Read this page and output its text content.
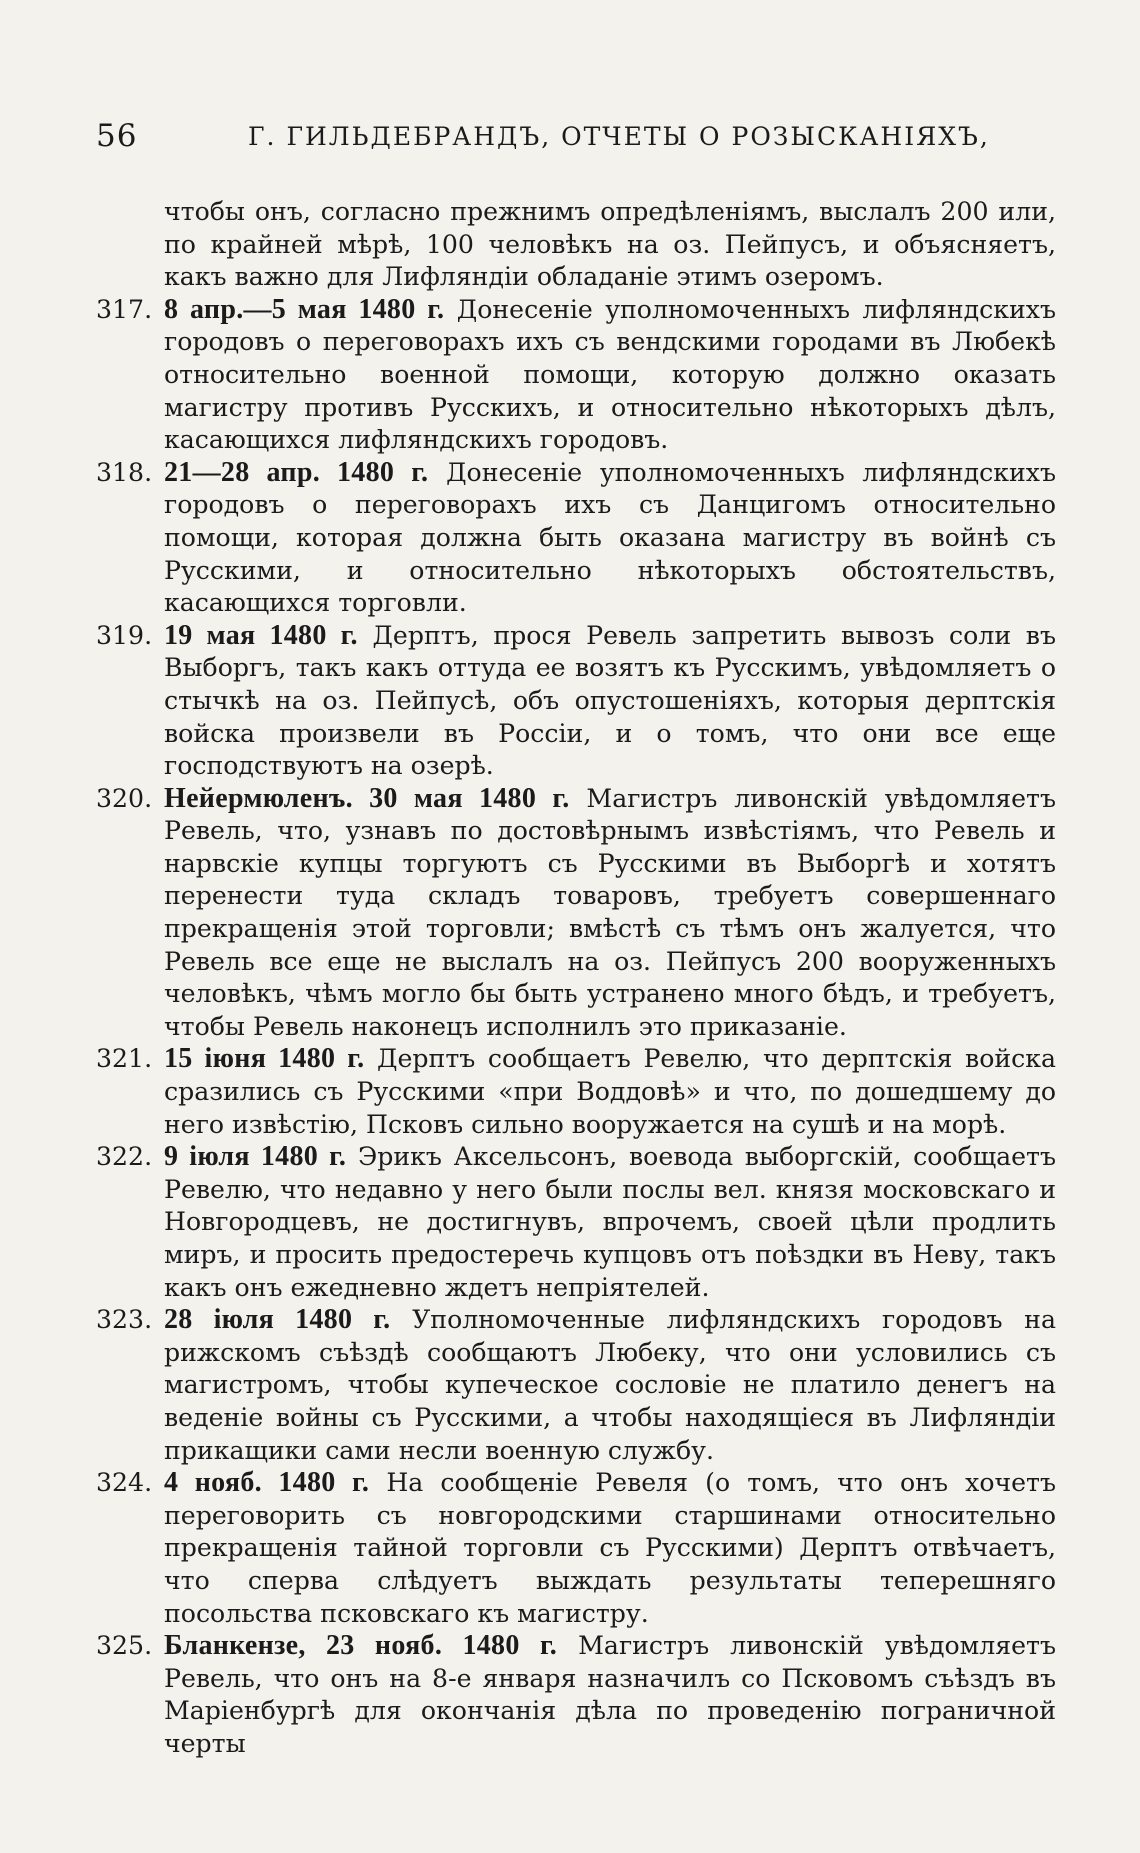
56	Г. ГИЛЬДЕБРАНДЪ, ОТЧЕТЫ О РОЗЫСКАНІЯХЪ,

чтобы онъ, согласно прежнимъ опредѣленіямъ, выслалъ 200 или, по крайней мѣрѣ, 100 человѣкъ на оз. Пейпусъ, и объясняетъ, какъ важно для Лифляндіи обладаніе этимъ озеромъ.

317. 8 апр.—5 мая 1480 г. Донесеніе уполномоченныхъ лифляндскихъ городовъ о переговорахъ ихъ съ вендскими городами въ Любекѣ относительно военной помощи, которую должно оказать магистру противъ Русскихъ, и относительно нѣкоторыхъ дѣлъ, касающихся лифляндскихъ городовъ.

318. 21—28 апр. 1480 г. Донесеніе уполномоченныхъ лифляндскихъ городовъ о переговорахъ ихъ съ Данцигомъ относительно помощи, которая должна быть оказана магистру въ войнѣ съ Русскими, и относительно нѣкоторыхъ обстоятельствъ, касающихся торговли.

319. 19 мая 1480 г. Дерптъ, прося Ревель запретить вывозъ соли въ Выборгъ, такъ какъ оттуда ее возятъ къ Русскимъ, увѣдомляетъ о стычкѣ на оз. Пейпусѣ, объ опустошеніяхъ, которыя дерптскія войска произвели въ Россіи, и о томъ, что они все еще господствуютъ на озерѣ.

320. Нейермюленъ. 30 мая 1480 г. Магистръ ливонскій увѣдомляетъ Ревель, что, узнавъ по достовѣрнымъ извѣстіямъ, что Ревель и нарвскіе купцы торгуютъ съ Русскими въ Выборгѣ и хотятъ перенести туда складъ товаровъ, требуетъ совершеннаго прекращенія этой торговли; вмѣстѣ съ тѣмъ онъ жалуется, что Ревель все еще не выслалъ на оз. Пейпусъ 200 вооруженныхъ человѣкъ, чѣмъ могло бы быть устранено много бѣдъ, и требуетъ, чтобы Ревель наконецъ исполнилъ это приказаніе.

321. 15 іюня 1480 г. Дерптъ сообщаетъ Ревелю, что дерптскія войска сразились съ Русскими «при Воддовѣ» и что, по дошедшему до него извѣстію, Псковъ сильно вооружается на сушѣ и на морѣ.

322. 9 іюля 1480 г. Эрикъ Аксельсонъ, воевода выборгскій, сообщаетъ Ревелю, что недавно у него были послы вел. князя московскаго и Новгородцевъ, не достигнувъ, впрочемъ, своей цѣли продлить миръ, и просить предостеречь купцовъ отъ поѣздки въ Неву, такъ какъ онъ ежедневно ждетъ непріятелей.

323. 28 іюля 1480 г. Уполномоченные лифляндскихъ городовъ на рижскомъ съѣздѣ сообщаютъ Любеку, что они условились съ магистромъ, чтобы купеческое сословіе не платило денегъ на веденіе войны съ Русскими, а чтобы находящіеся въ Лифляндіи прикащики сами несли военную службу.

324. 4 нояб. 1480 г. На сообщеніе Ревеля (о томъ, что онъ хочетъ переговорить съ новгородскими старшинами относительно прекращенія тайной торговли съ Русскими) Дерптъ отвѣчаетъ, что сперва слѣдуетъ выждать результаты теперешняго посольства псковскаго къ магистру.

325. Бланкензе, 23 нояб. 1480 г. Магистръ ливонскій увѣдомляетъ Ревель, что онъ на 8-е января назначилъ со Псковомъ съѣздъ въ Маріенбургѣ для окончанія дѣла по проведенію пограничной черты
